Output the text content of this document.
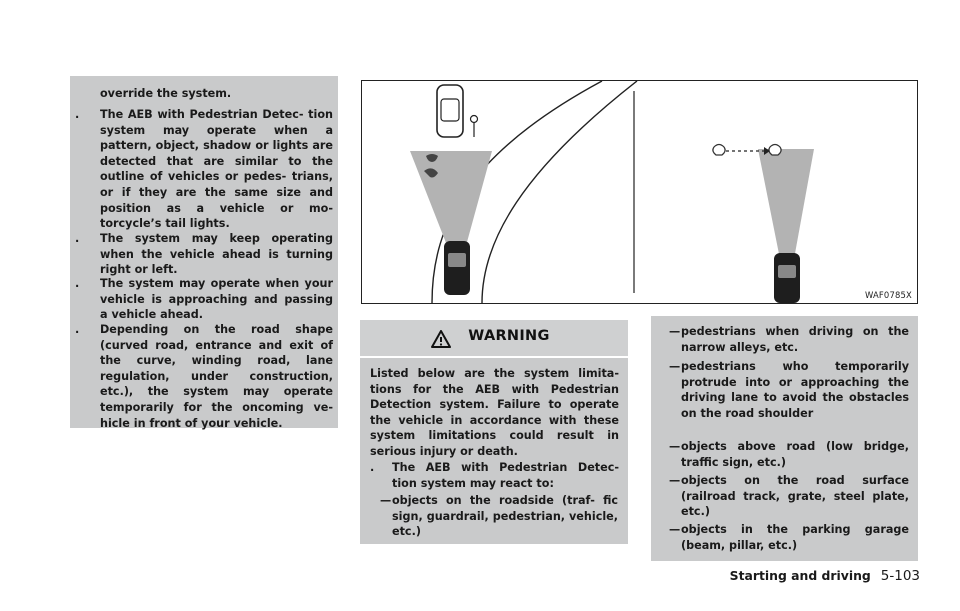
override the system.
.	The AEB with Pedestrian Detec- tion system may operate when a pattern, object, shadow or lights are detected that are similar to the outline of vehicles or pedes- trians, or if they are the same size and position as a vehicle or mo- torcycle’s tail lights.
.	The system may keep operating when the vehicle ahead is turning right or left.
.	The system may operate when your vehicle is approaching and passing a vehicle ahead.
.	Depending on the road shape (curved road, entrance and exit of the curve, winding road, lane regulation, under construction, etc.), the system may operate temporarily for the oncoming ve- hicle in front of your vehicle.
WAF0785X
WARNING
Listed below are the system limita- tions for the AEB with Pedestrian Detection system. Failure to operate the vehicle in accordance with these system limitations could result in serious injury or death.
.	The AEB with Pedestrian Detec- tion system may react to:
— objects on the roadside (traf- fic sign, guardrail, pedestrian, vehicle, etc.)
— pedestrians when driving on the narrow alleys, etc.
— pedestrians who temporarily protrude into or approaching the driving lane to avoid the obstacles on the road shoulder
— objects above road (low bridge, traffic sign, etc.)
— objects on the road surface (railroad track, grate, steel plate, etc.)
— objects in the parking garage (beam, pillar, etc.)
Starting and driving 5-103
